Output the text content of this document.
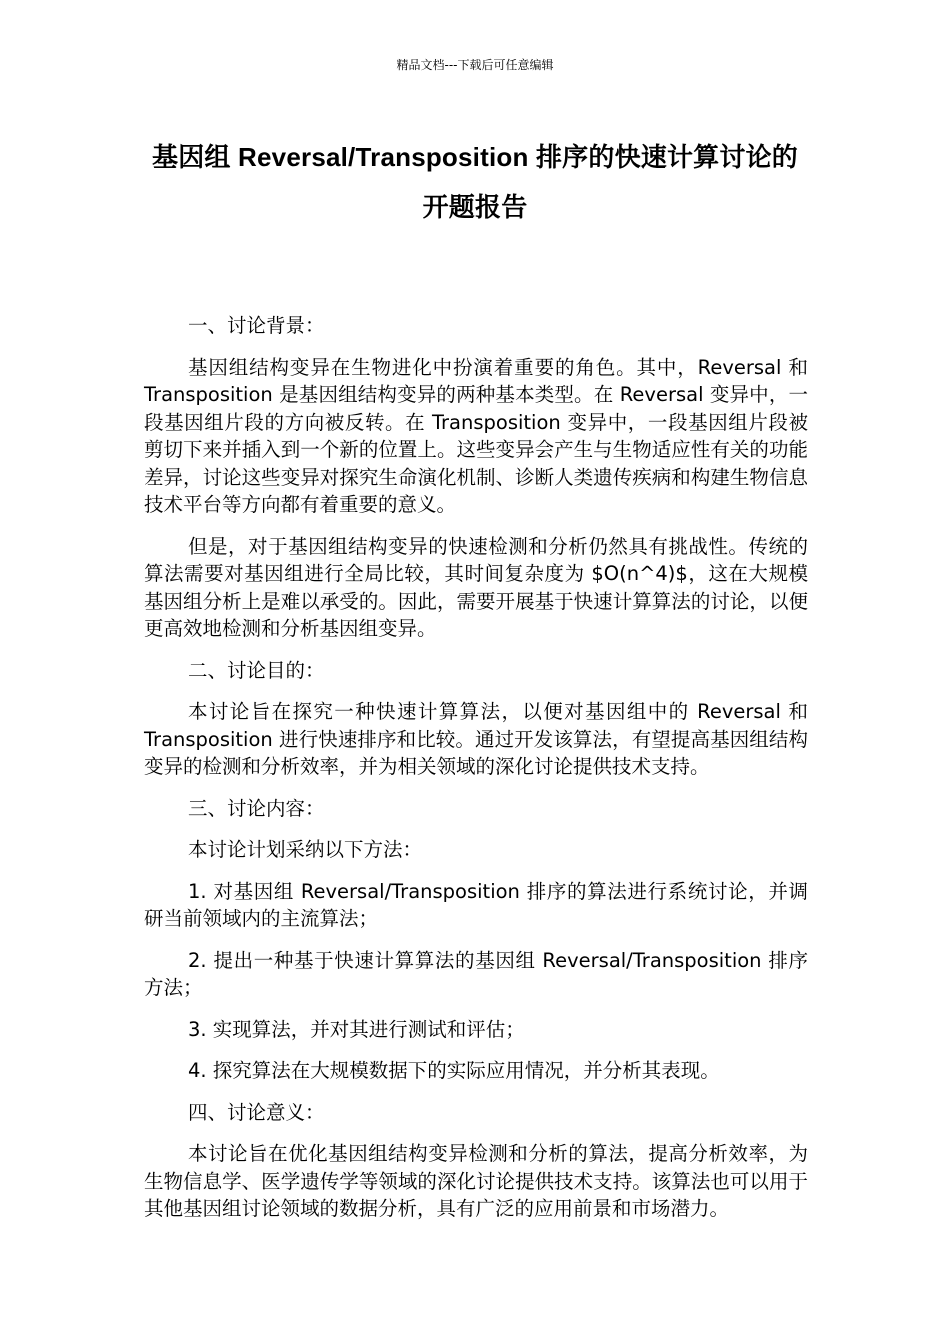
精品文档---下载后可任意编辑
基因组 Reversal/Transposition 排序的快速计算讨论的开题报告

一、讨论背景：

基因组结构变异在生物进化中扮演着重要的角色。其中，Reversal 和 Transposition 是基因组结构变异的两种基本类型。在 Reversal 变异中，一段基因组片段的方向被反转。在 Transposition 变异中，一段基因组片段被剪切下来并插入到一个新的位置上。这些变异会产生与生物适应性有关的功能差异，讨论这些变异对探究生命演化机制、诊断人类遗传疾病和构建生物信息技术平台等方向都有着重要的意义。

但是，对于基因组结构变异的快速检测和分析仍然具有挑战性。传统的算法需要对基因组进行全局比较，其时间复杂度为 $O(n^4)$，这在大规模基因组分析上是难以承受的。因此，需要开展基于快速计算算法的讨论，以便更高效地检测和分析基因组变异。

二、讨论目的：

本讨论旨在探究一种快速计算算法，以便对基因组中的 Reversal 和 Transposition 进行快速排序和比较。通过开发该算法，有望提高基因组结构变异的检测和分析效率，并为相关领域的深化讨论提供技术支持。

三、讨论内容：

本讨论计划采纳以下方法：

1. 对基因组 Reversal/Transposition 排序的算法进行系统讨论，并调研当前领域内的主流算法；

2. 提出一种基于快速计算算法的基因组 Reversal/Transposition 排序方法；

3. 实现算法，并对其进行测试和评估；

4. 探究算法在大规模数据下的实际应用情况，并分析其表现。

四、讨论意义：

本讨论旨在优化基因组结构变异检测和分析的算法，提高分析效率，为生物信息学、医学遗传学等领域的深化讨论提供技术支持。该算法也可以用于其他基因组讨论领域的数据分析，具有广泛的应用前景和市场潜力。
